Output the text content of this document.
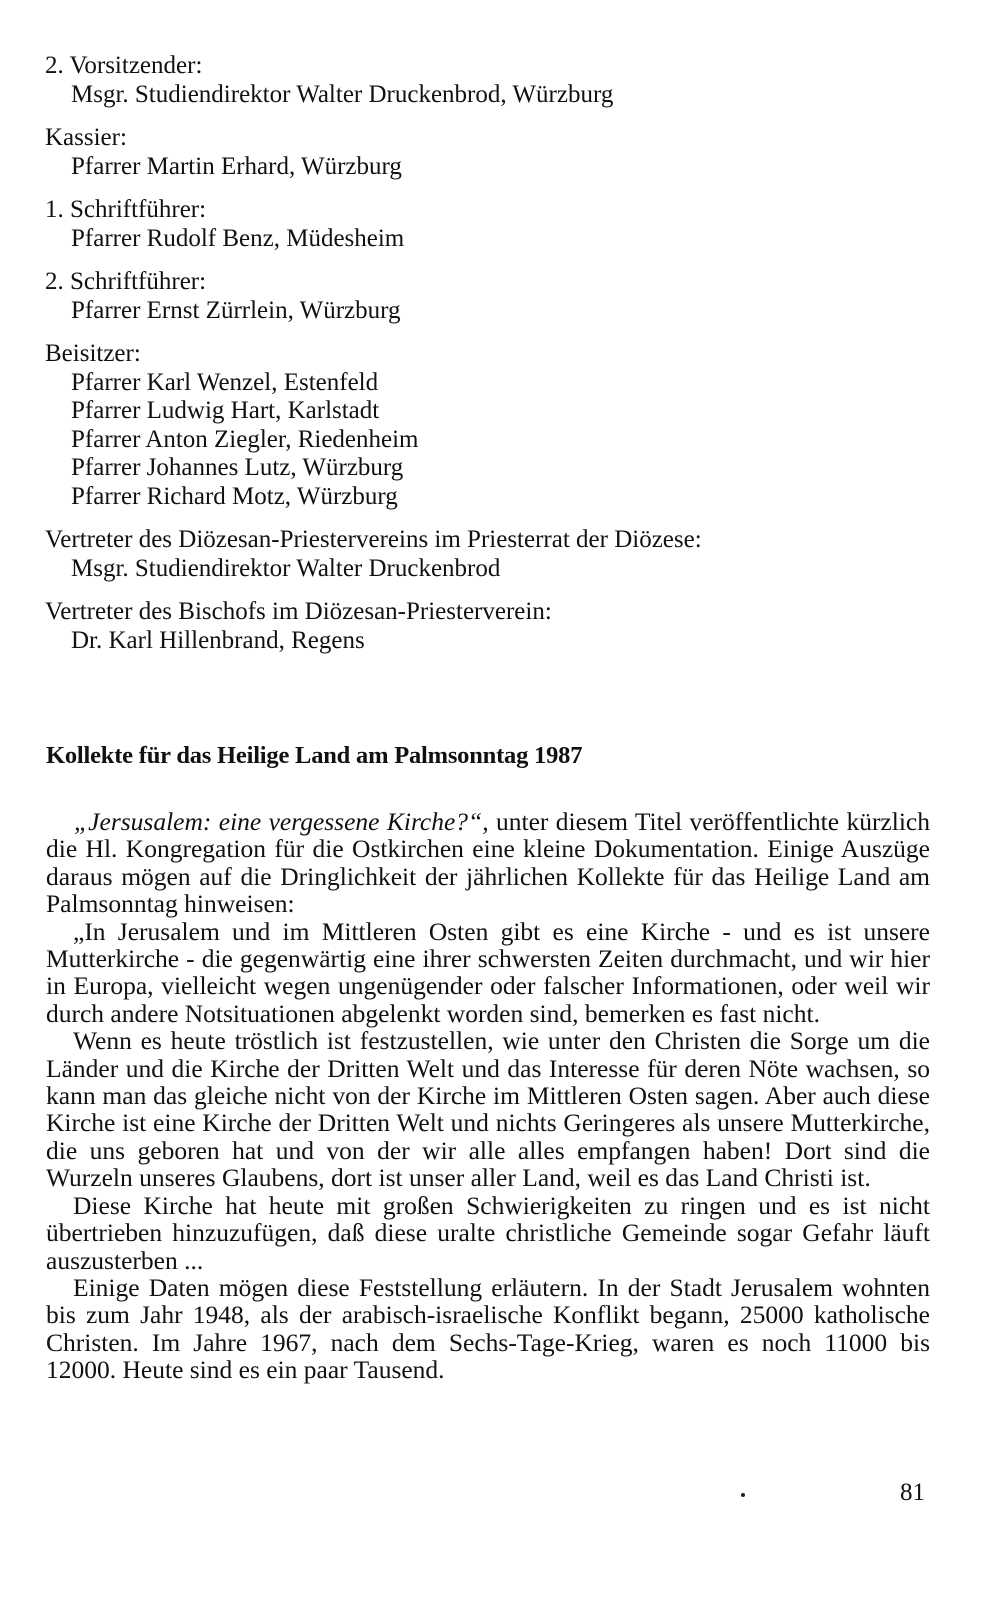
2. Vorsitzender:
Msgr. Studiendirektor Walter Druckenbrod, Würzburg
Kassier:
Pfarrer Martin Erhard, Würzburg
1. Schriftführer:
Pfarrer Rudolf Benz, Müdesheim
2. Schriftführer:
Pfarrer Ernst Zürrlein, Würzburg
Beisitzer:
Pfarrer Karl Wenzel, Estenfeld
Pfarrer Ludwig Hart, Karlstadt
Pfarrer Anton Ziegler, Riedenheim
Pfarrer Johannes Lutz, Würzburg
Pfarrer Richard Motz, Würzburg
Vertreter des Diözesan-Priestervereins im Priesterrat der Diözese:
Msgr. Studiendirektor Walter Druckenbrod
Vertreter des Bischofs im Diözesan-Priesterverein:
Dr. Karl Hillenbrand, Regens
Kollekte für das Heilige Land am Palmsonntag 1987

„Jersusalem: eine vergessene Kirche?“, unter diesem Titel veröffentlichte kürzlich die Hl. Kongregation für die Ostkirchen eine kleine Dokumentation. Einige Auszüge daraus mögen auf die Dringlichkeit der jährlichen Kollekte für das Heilige Land am Palmsonntag hinweisen:

„In Jerusalem und im Mittleren Osten gibt es eine Kirche - und es ist unsere Mutterkirche - die gegenwärtig eine ihrer schwersten Zeiten durchmacht, und wir hier in Europa, vielleicht wegen ungenügender oder falscher Informationen, oder weil wir durch andere Notsituationen abgelenkt worden sind, bemerken es fast nicht.

Wenn es heute tröstlich ist festzustellen, wie unter den Christen die Sorge um die Länder und die Kirche der Dritten Welt und das Interesse für deren Nöte wachsen, so kann man das gleiche nicht von der Kirche im Mittleren Osten sagen. Aber auch diese Kirche ist eine Kirche der Dritten Welt und nichts Geringeres als unsere Mutterkirche, die uns geboren hat und von der wir alle alles empfangen haben! Dort sind die Wurzeln unseres Glaubens, dort ist unser aller Land, weil es das Land Christi ist.

Diese Kirche hat heute mit großen Schwierigkeiten zu ringen und es ist nicht übertrieben hinzuzufügen, daß diese uralte christliche Gemeinde sogar Gefahr läuft auszusterben ...

Einige Daten mögen diese Feststellung erläutern. In der Stadt Jerusalem wohnten bis zum Jahr 1948, als der arabisch-israelische Konflikt begann, 25000 katholische Christen. Im Jahre 1967, nach dem Sechs-Tage-Krieg, waren es noch 11000 bis 12000. Heute sind es ein paar Tausend.

81
